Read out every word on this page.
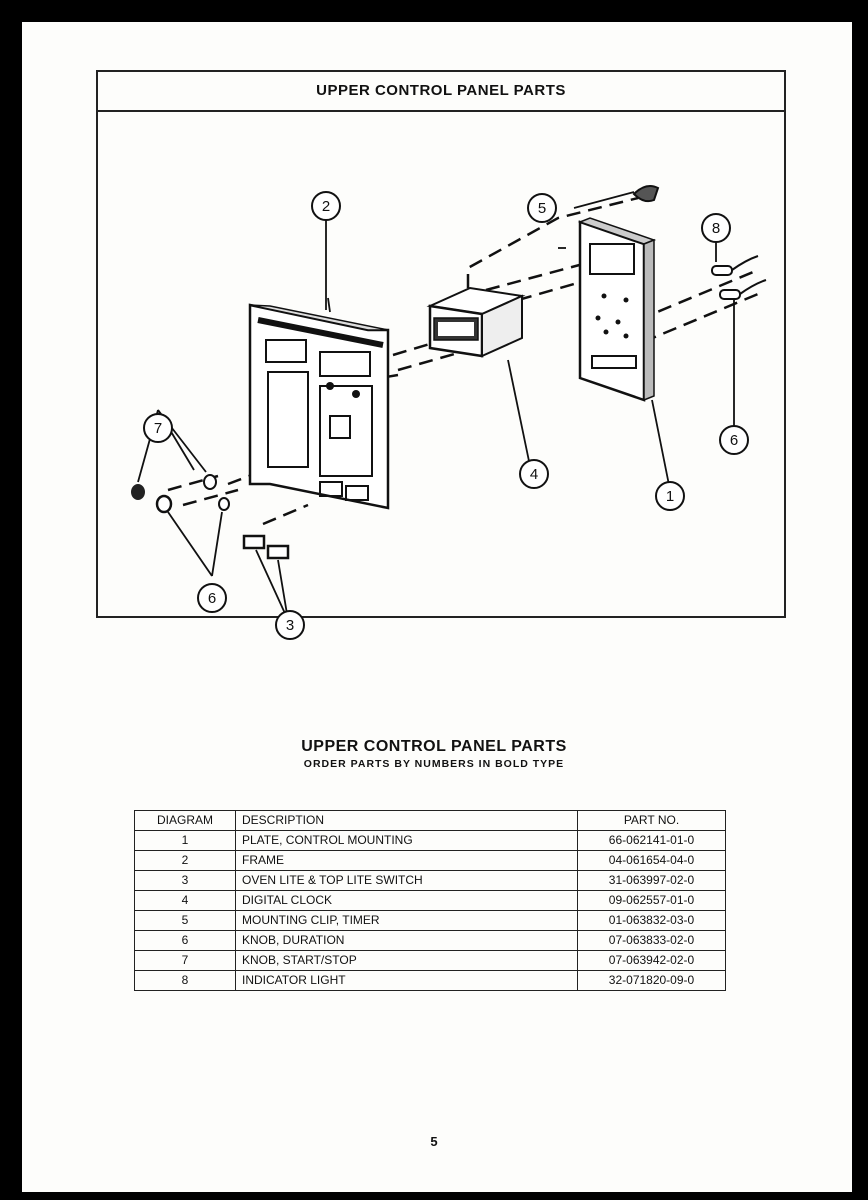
UPPER CONTROL PANEL PARTS
1
2
3
4
5
6
6
7
8
UPPER CONTROL PANEL PARTS
ORDER PARTS BY NUMBERS IN BOLD TYPE
DIAGRAM	DESCRIPTION	PART NO.
1	PLATE, CONTROL MOUNTING	66-062141-01-0
2	FRAME	04-061654-04-0
3	OVEN LITE & TOP LITE SWITCH	31-063997-02-0
4	DIGITAL CLOCK	09-062557-01-0
5	MOUNTING CLIP, TIMER	01-063832-03-0
6	KNOB, DURATION	07-063833-02-0
7	KNOB, START/STOP	07-063942-02-0
8	INDICATOR LIGHT	32-071820-09-0
5
